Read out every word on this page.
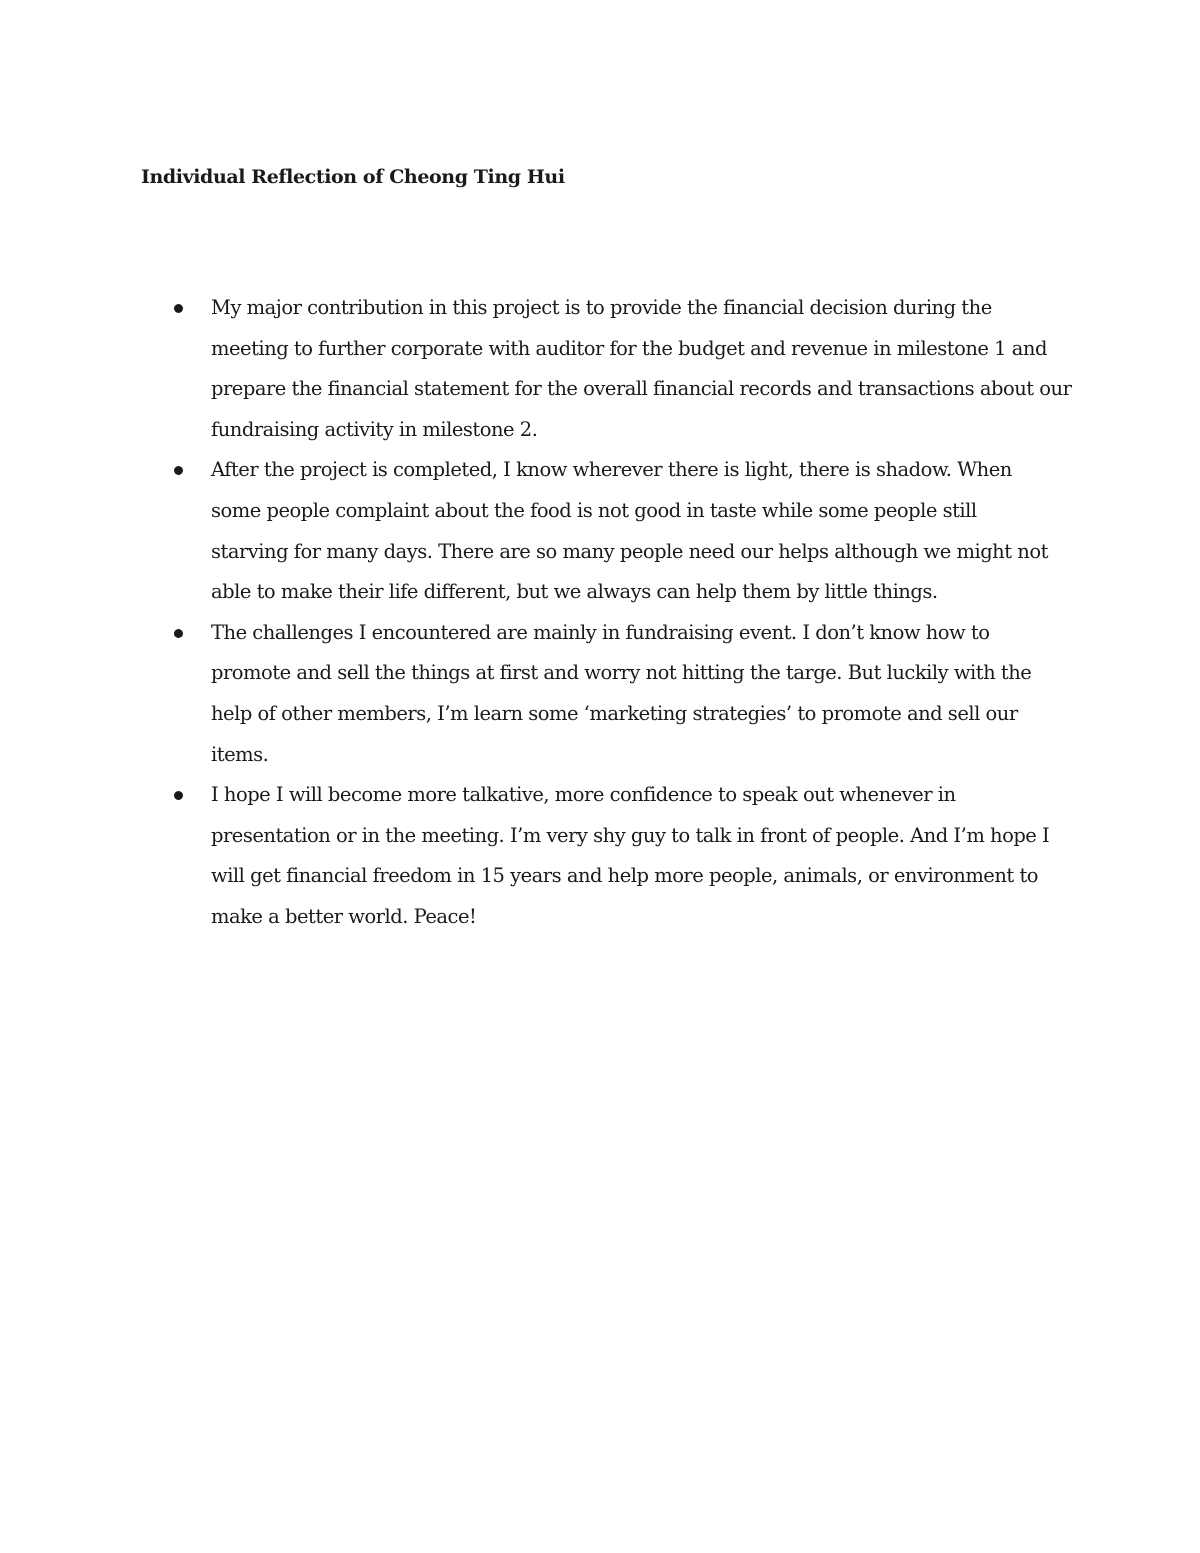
Individual Reflection of Cheong Ting Hui
My major contribution in this project is to provide the financial decision during the
meeting to further corporate with auditor for the budget and revenue in milestone 1 and
prepare the financial statement for the overall financial records and transactions about our
fundraising activity in milestone 2.
After the project is completed, I know wherever there is light, there is shadow. When
some people complaint about the food is not good in taste while some people still
starving for many days. There are so many people need our helps although we might not
able to make their life different, but we always can help them by little things.
The challenges I encountered are mainly in fundraising event. I don’t know how to
promote and sell the things at first and worry not hitting the targe. But luckily with the
help of other members, I’m learn some ‘marketing strategies’ to promote and sell our
items.
I hope I will become more talkative, more confidence to speak out whenever in
presentation or in the meeting. I’m very shy guy to talk in front of people. And I’m hope I
will get financial freedom in 15 years and help more people, animals, or environment to
make a better world. Peace!
